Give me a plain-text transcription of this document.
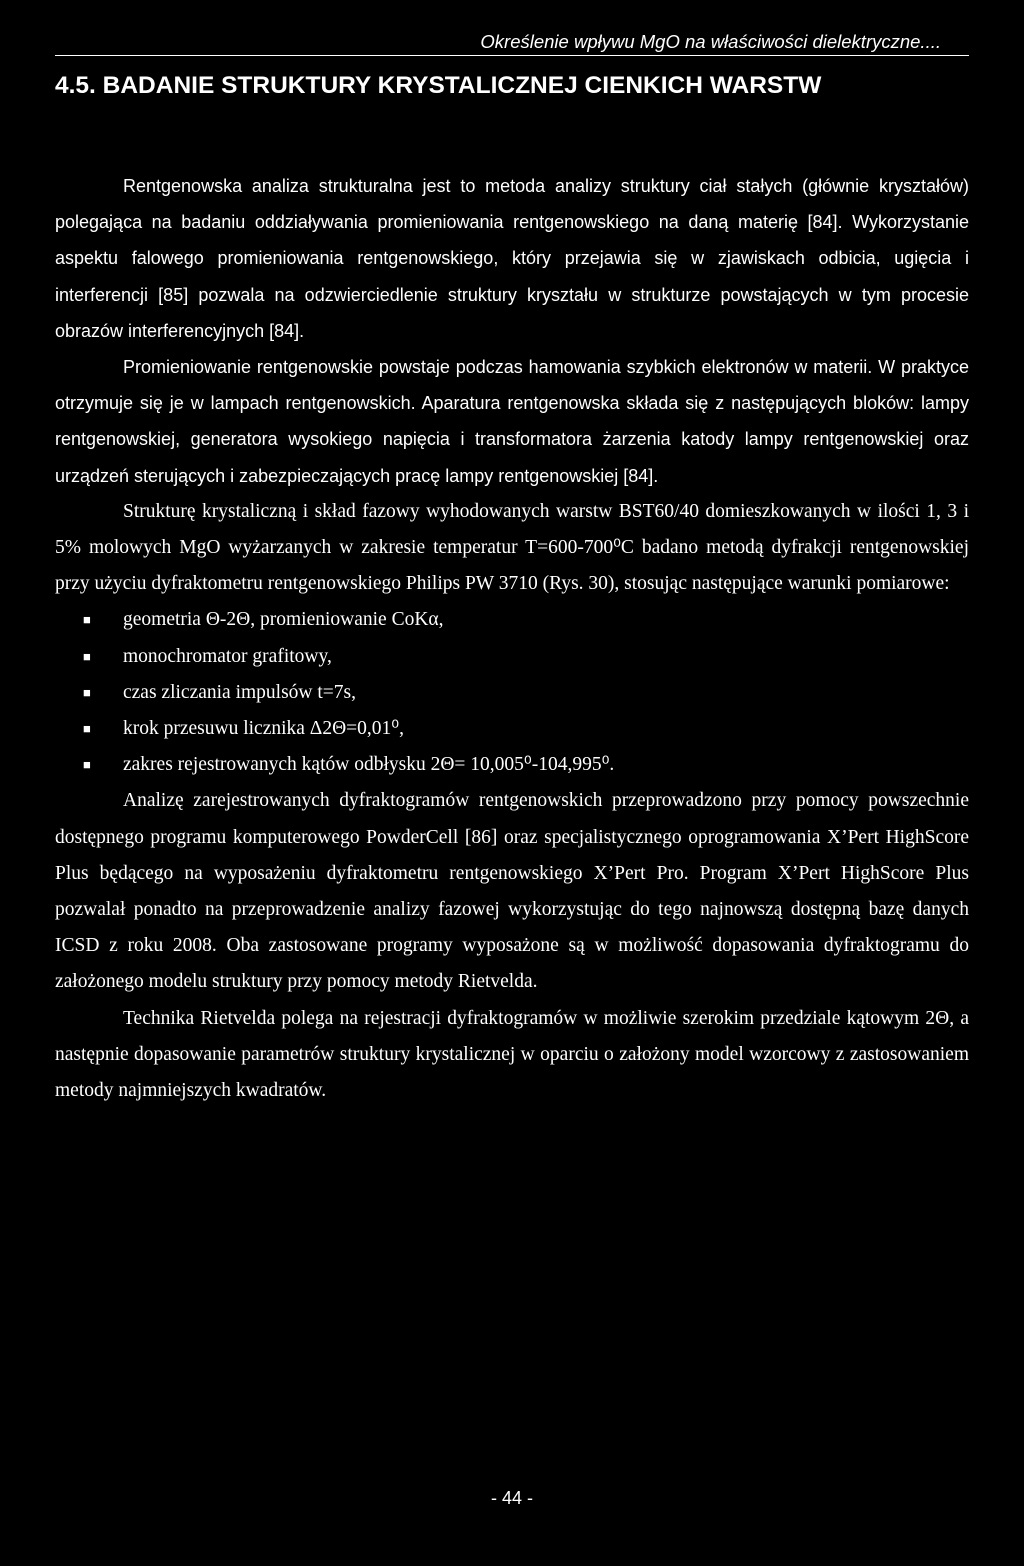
Określenie wpływu MgO na właściwości dielektryczne....
4.5. BADANIE STRUKTURY KRYSTALICZNEJ CIENKICH WARSTW

Rentgenowska analiza strukturalna jest to metoda analizy struktury ciał stałych (głównie kryształów) polegająca na badaniu oddziaływania promieniowania rentgenowskiego na daną materię [84]. Wykorzystanie aspektu falowego promieniowania rentgenowskiego, który przejawia się w zjawiskach odbicia, ugięcia i interferencji [85] pozwala na odzwierciedlenie struktury kryształu w strukturze powstających w tym procesie obrazów interferencyjnych [84].

Promieniowanie rentgenowskie powstaje podczas hamowania szybkich elektronów w materii. W praktyce otrzymuje się je w lampach rentgenowskich. Aparatura rentgenowska składa się z następujących bloków: lampy rentgenowskiej, generatora wysokiego napięcia i transformatora żarzenia katody lampy rentgenowskiej oraz urządzeń sterujących i zabezpieczających pracę lampy rentgenowskiej [84].

Strukturę krystaliczną i skład fazowy wyhodowanych warstw BST60/40 domieszkowanych w ilości 1, 3 i 5% molowych MgO wyżarzanych w zakresie temperatur T=600-700⁰C badano metodą dyfrakcji rentgenowskiej przy użyciu dyfraktometru rentgenowskiego Philips PW 3710 (Rys. 30), stosując następujące warunki pomiarowe:

■ geometria Θ-2Θ, promieniowanie CoKα,
■ monochromator grafitowy,
■ czas zliczania impulsów t=7s,
■ krok przesuwu licznika Δ2Θ=0,01⁰,
■ zakres rejestrowanych kątów odbłysku 2Θ= 10,005⁰-104,995⁰.

Analizę zarejestrowanych dyfraktogramów rentgenowskich przeprowadzono przy pomocy powszechnie dostępnego programu komputerowego PowderCell [86] oraz specjalistycznego oprogramowania X’Pert HighScore Plus będącego na wyposażeniu dyfraktometru rentgenowskiego X’Pert Pro. Program X’Pert HighScore Plus pozwalał ponadto na przeprowadzenie analizy fazowej wykorzystując do tego najnowszą dostępną bazę danych ICSD z roku 2008. Oba zastosowane programy wyposażone są w możliwość dopasowania dyfraktogramu do założonego modelu struktury przy pomocy metody Rietvelda.

Technika Rietvelda polega na rejestracji dyfraktogramów w możliwie szerokim przedziale kątowym 2Θ, a następnie dopasowanie parametrów struktury krystalicznej w oparciu o założony model wzorcowy z zastosowaniem metody najmniejszych kwadratów.

- 44 -
